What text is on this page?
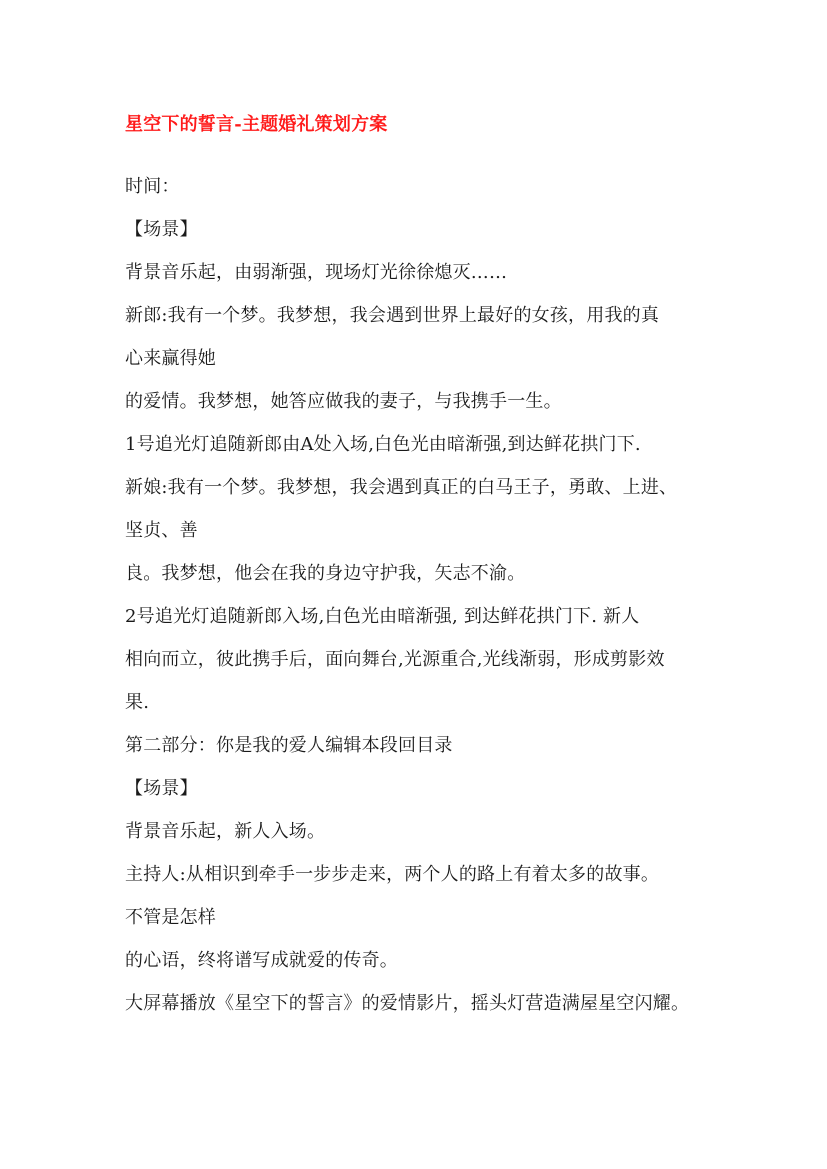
星空下的誓言-主题婚礼策划方案
时间：
【场景】
背景音乐起，由弱渐强，现场灯光徐徐熄灭……
新郎:我有一个梦。我梦想，我会遇到世界上最好的女孩，用我的真
心来赢得她
的爱情。我梦想，她答应做我的妻子，与我携手一生。
1号追光灯追随新郎由A处入场,白色光由暗渐强,到达鲜花拱门下.
新娘:我有一个梦。我梦想，我会遇到真正的白马王子，勇敢、上进、
坚贞、善
良。我梦想，他会在我的身边守护我，矢志不渝。
2号追光灯追随新郎入场,白色光由暗渐强, 到达鲜花拱门下. 新人
相向而立，彼此携手后，面向舞台,光源重合,光线渐弱，形成剪影效
果.
第二部分：你是我的爱人编辑本段回目录
【场景】
背景音乐起，新人入场。
主持人:从相识到牵手一步步走来，两个人的路上有着太多的故事。
不管是怎样
的心语，终将谱写成就爱的传奇。
大屏幕播放《星空下的誓言》的爱情影片，摇头灯营造满屋星空闪耀。
